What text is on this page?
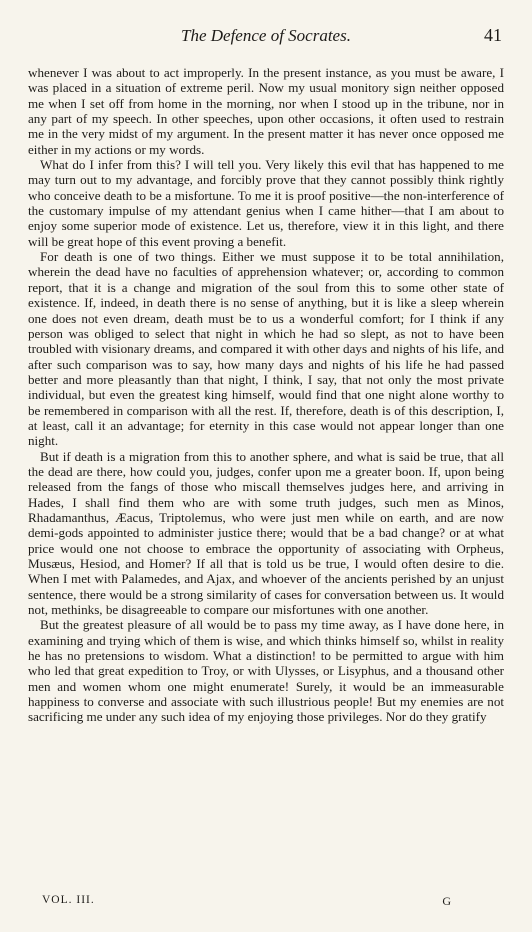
The Defence of Socrates.	41

whenever I was about to act improperly. In the present instance, as you must be aware, I was placed in a situation of extreme peril. Now my usual monitory sign neither opposed me when I set off from home in the morning, nor when I stood up in the tribune, nor in any part of my speech. In other speeches, upon other occasions, it often used to restrain me in the very midst of my argument. In the present matter it has never once opposed me either in my actions or my words.

What do I infer from this? I will tell you. Very likely this evil that has happened to me may turn out to my advantage, and forcibly prove that they cannot possibly think rightly who conceive death to be a misfortune. To me it is proof positive—the non-interference of the customary impulse of my attendant genius when I came hither—that I am about to enjoy some superior mode of existence. Let us, therefore, view it in this light, and there will be great hope of this event proving a benefit.

For death is one of two things. Either we must suppose it to be total annihilation, wherein the dead have no faculties of apprehension whatever; or, according to common report, that it is a change and migration of the soul from this to some other state of existence. If, indeed, in death there is no sense of anything, but it is like a sleep wherein one does not even dream, death must be to us a wonderful comfort; for I think if any person was obliged to select that night in which he had so slept, as not to have been troubled with visionary dreams, and compared it with other days and nights of his life, and after such comparison was to say, how many days and nights of his life he had passed better and more pleasantly than that night, I think, I say, that not only the most private individual, but even the greatest king himself, would find that one night alone worthy to be remembered in comparison with all the rest. If, therefore, death is of this description, I, at least, call it an advantage; for eternity in this case would not appear longer than one night.

But if death is a migration from this to another sphere, and what is said be true, that all the dead are there, how could you, judges, confer upon me a greater boon. If, upon being released from the fangs of those who miscall themselves judges here, and arriving in Hades, I shall find them who are with some truth judges, such men as Minos, Rhadamanthus, Æacus, Triptolemus, who were just men while on earth, and are now demi-gods appointed to administer justice there; would that be a bad change? or at what price would one not choose to embrace the opportunity of associating with Orpheus, Musæus, Hesiod, and Homer? If all that is told us be true, I would often desire to die. When I met with Palamedes, and Ajax, and whoever of the ancients perished by an unjust sentence, there would be a strong similarity of cases for conversation between us. It would not, methinks, be disagreeable to compare our misfortunes with one another.

But the greatest pleasure of all would be to pass my time away, as I have done here, in examining and trying which of them is wise, and which thinks himself so, whilst in reality he has no pretensions to wisdom. What a distinction! to be permitted to argue with him who led that great expedition to Troy, or with Ulysses, or Lisyphus, and a thousand other men and women whom one might enumerate! Surely, it would be an immeasurable happiness to converse and associate with such illustrious people! But my enemies are not sacrificing me under any such idea of my enjoying those privileges. Nor do they gratify

VOL. III.	G
